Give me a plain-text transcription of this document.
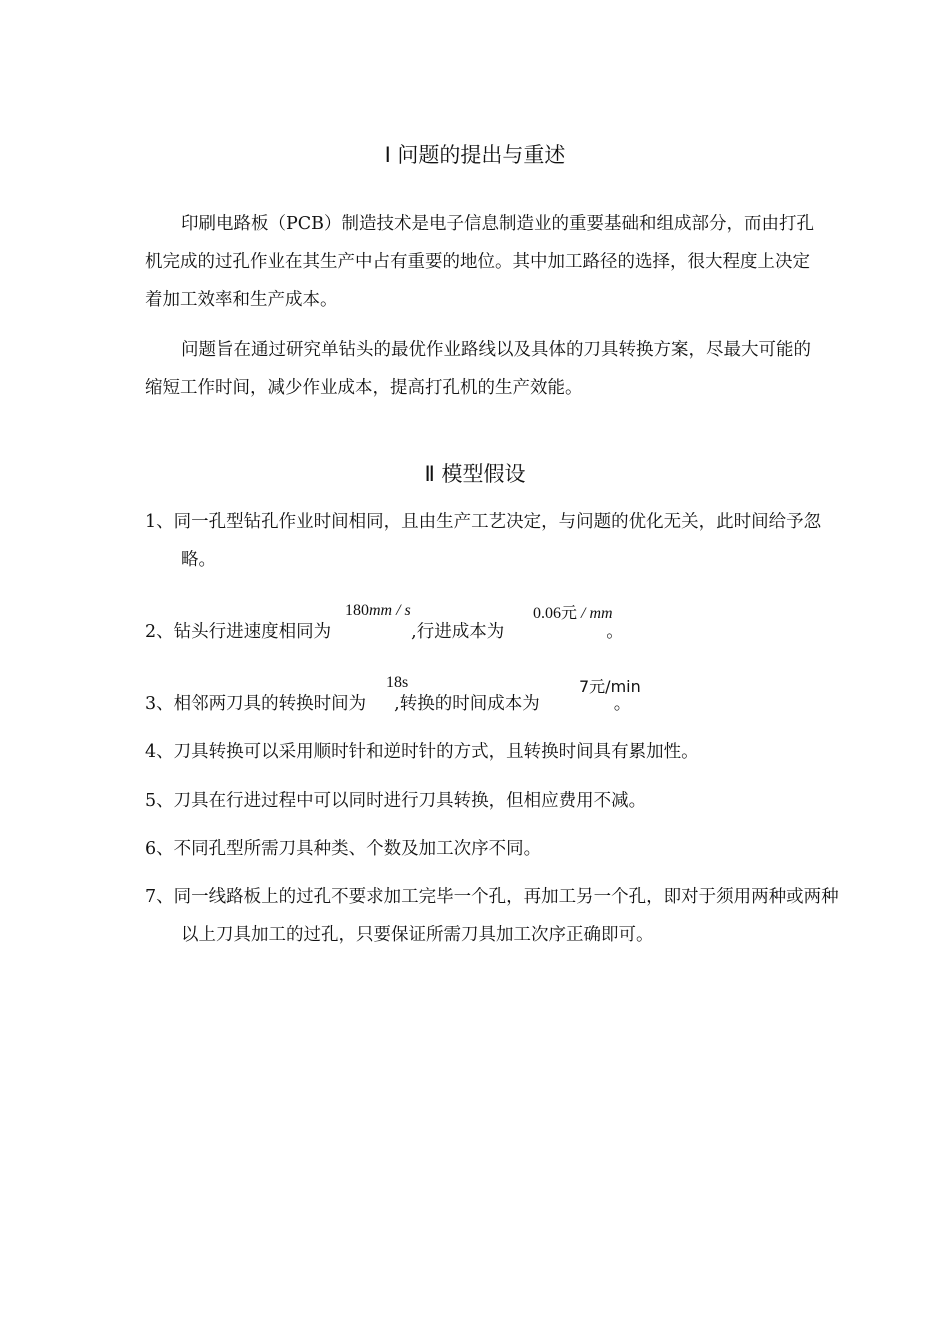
Ⅰ 问题的提出与重述

印刷电路板（PCB）制造技术是电子信息制造业的重要基础和组成部分，而由打孔机完成的过孔作业在其生产中占有重要的地位。其中加工路径的选择，很大程度上决定着加工效率和生产成本。

问题旨在通过研究单钻头的最优作业路线以及具体的刀具转换方案，尽最大可能的缩短工作时间，减少作业成本，提高打孔机的生产效能。

Ⅱ 模型假设

1、同一孔型钻孔作业时间相同，且由生产工艺决定，与问题的优化无关，此时间给予忽略。

2、钻头行进速度相同为	,行进成本为	。
180mm / s	0.06元 / mm
3、相邻两刀具的转换时间为 ,转换的时间成本为	。
18s	7元/min

4、刀具转换可以采用顺时针和逆时针的方式，且转换时间具有累加性。

5、刀具在行进过程中可以同时进行刀具转换，但相应费用不减。

6、不同孔型所需刀具种类、个数及加工次序不同。

7、同一线路板上的过孔不要求加工完毕一个孔，再加工另一个孔，即对于须用两种或两种以上刀具加工的过孔，只要保证所需刀具加工次序正确即可。
